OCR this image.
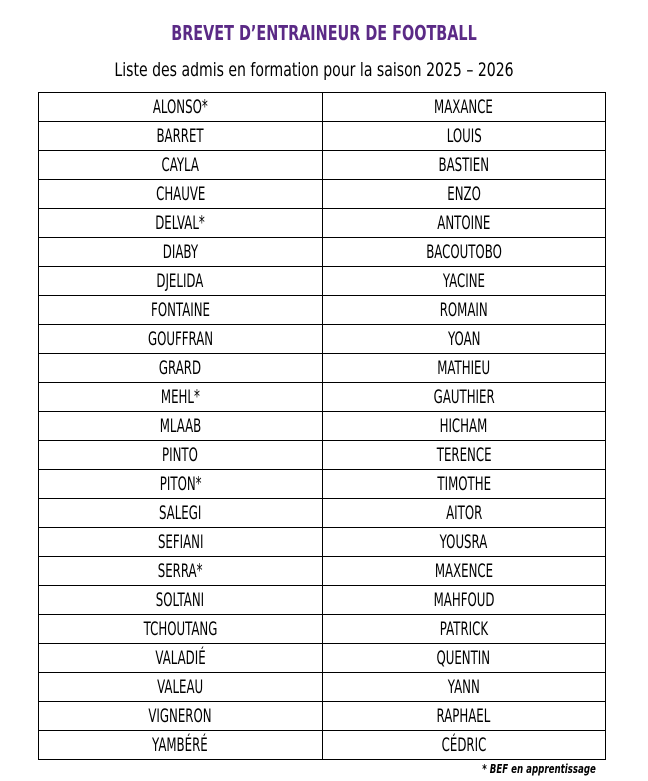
BREVET D’ENTRAINEUR DE FOOTBALL
Liste des admis en formation pour la saison 2025 – 2026
ALONSO*	MAXANCE
BARRET	LOUIS
CAYLA	BASTIEN
CHAUVE	ENZO
DELVAL*	ANTOINE
DIABY	BACOUTOBO
DJELIDA	YACINE
FONTAINE	ROMAIN
GOUFFRAN	YOAN
GRARD	MATHIEU
MEHL*	GAUTHIER
MLAAB	HICHAM
PINTO	TERENCE
PITON*	TIMOTHE
SALEGI	AITOR
SEFIANI	YOUSRA
SERRA*	MAXENCE
SOLTANI	MAHFOUD
TCHOUTANG	PATRICK
VALADIÉ	QUENTIN
VALEAU	YANN
VIGNERON	RAPHAEL
YAMBÉRÉ	CÉDRIC
* BEF en apprentissage
